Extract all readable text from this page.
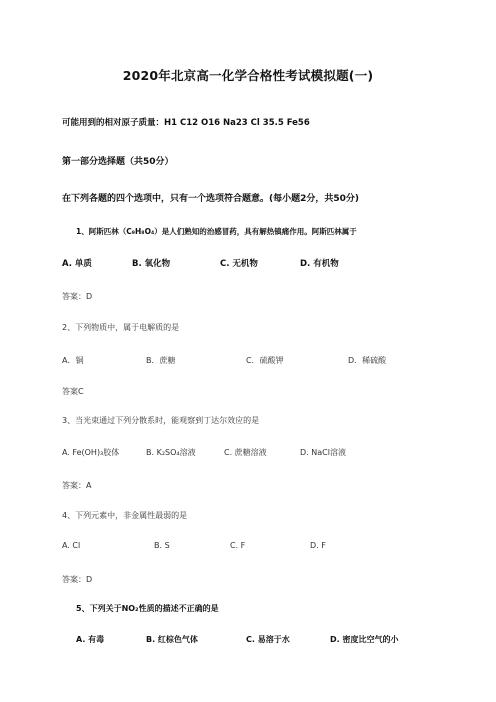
2020年北京高一化学合格性考试模拟题(一)
可能用到的相对原子质量：H1 C12 O16 Na23 Cl 35.5 Fe56
第一部分选择题（共50分）
在下列各题的四个选项中，只有一个选项符合题意。(每小题2分，共50分)
1、阿斯匹林（C₉H₈O₄）是人们熟知的治感冒药，具有解热镇痛作用。阿斯匹林属于
A. 单质	B. 氧化物	C. 无机物	D. 有机物
答案：D
2、下列物质中，属于电解质的是
A．铜	B．蔗糖	C．硫酸钾	D．稀硫酸
答案C
3、当光束通过下列分散系时，能观察到丁达尔效应的是
A. Fe(OH)₃胶体	B. K₂SO₄溶液	C. 蔗糖溶液	D. NaCl溶液
答案：A
4、下列元素中，非金属性最弱的是
A. Cl	B. S	C. F	D. F
答案：D
5、下列关于NO₂性质的描述不正确的是
A. 有毒	B. 红棕色气体	C. 易溶于水	D. 密度比空气的小
